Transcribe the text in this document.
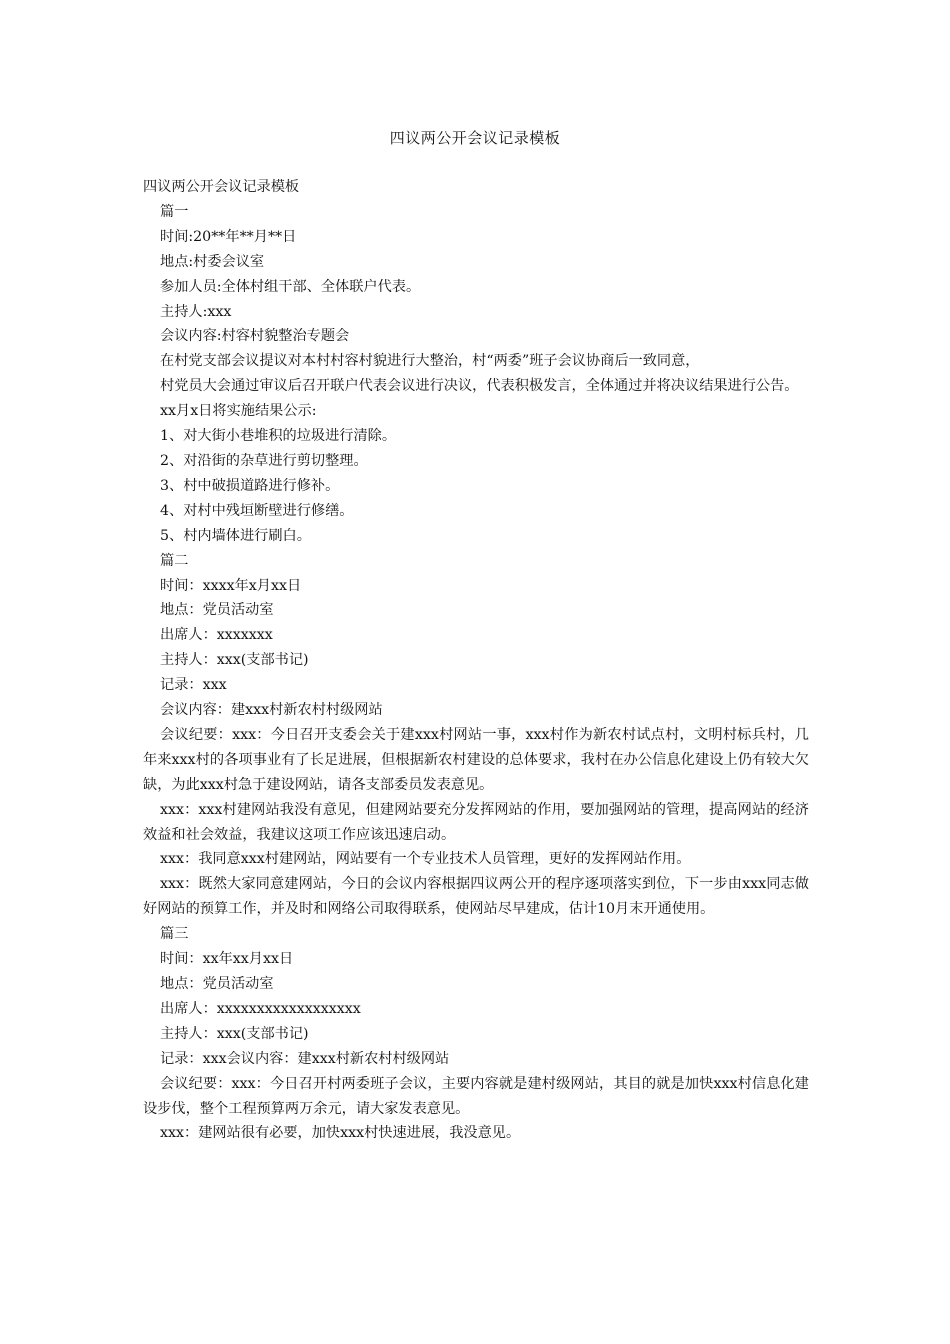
四议两公开会议记录模板

四议两公开会议记录模板

篇一

时间:20**年**月**日

地点:村委会议室

参加人员:全体村组干部、全体联户代表。

主持人:xxx

会议内容:村容村貌整治专题会

在村党支部会议提议对本村村容村貌进行大整治，村“两委”班子会议协商后一致同意，

村党员大会通过审议后召开联户代表会议进行决议，代表积极发言，全体通过并将决议结果进行公告。

xx月x日将实施结果公示:

1、对大街小巷堆积的垃圾进行清除。

2、对沿街的杂草进行剪切整理。

3、村中破损道路进行修补。

4、对村中残垣断壁进行修缮。

5、村内墙体进行刷白。

篇二

时间：xxxx年x月xx日

地点：党员活动室

出席人：xxxxxxx

主持人：xxx(支部书记)

记录：xxx

会议内容：建xxx村新农村村级网站

会议纪要：xxx：今日召开支委会关于建xxx村网站一事，xxx村作为新农村试点村，文明村标兵村，几年来xxx村的各项事业有了长足进展，但根据新农村建设的总体要求，我村在办公信息化建设上仍有较大欠缺，为此xxx村急于建设网站，请各支部委员发表意见。

xxx：xxx村建网站我没有意见，但建网站要充分发挥网站的作用，要加强网站的管理，提高网站的经济效益和社会效益，我建议这项工作应该迅速启动。

xxx：我同意xxx村建网站，网站要有一个专业技术人员管理，更好的发挥网站作用。

xxx：既然大家同意建网站，今日的会议内容根据四议两公开的程序逐项落实到位，下一步由xxx同志做好网站的预算工作，并及时和网络公司取得联系，使网站尽早建成，估计10月末开通使用。

篇三

时间：xx年xx月xx日

地点：党员活动室

出席人：xxxxxxxxxxxxxxxxxx

主持人：xxx(支部书记)

记录：xxx会议内容：建xxx村新农村村级网站

会议纪要：xxx：今日召开村两委班子会议，主要内容就是建村级网站，其目的就是加快xxx村信息化建设步伐，整个工程预算两万余元，请大家发表意见。

xxx：建网站很有必要，加快xxx村快速进展，我没意见。
